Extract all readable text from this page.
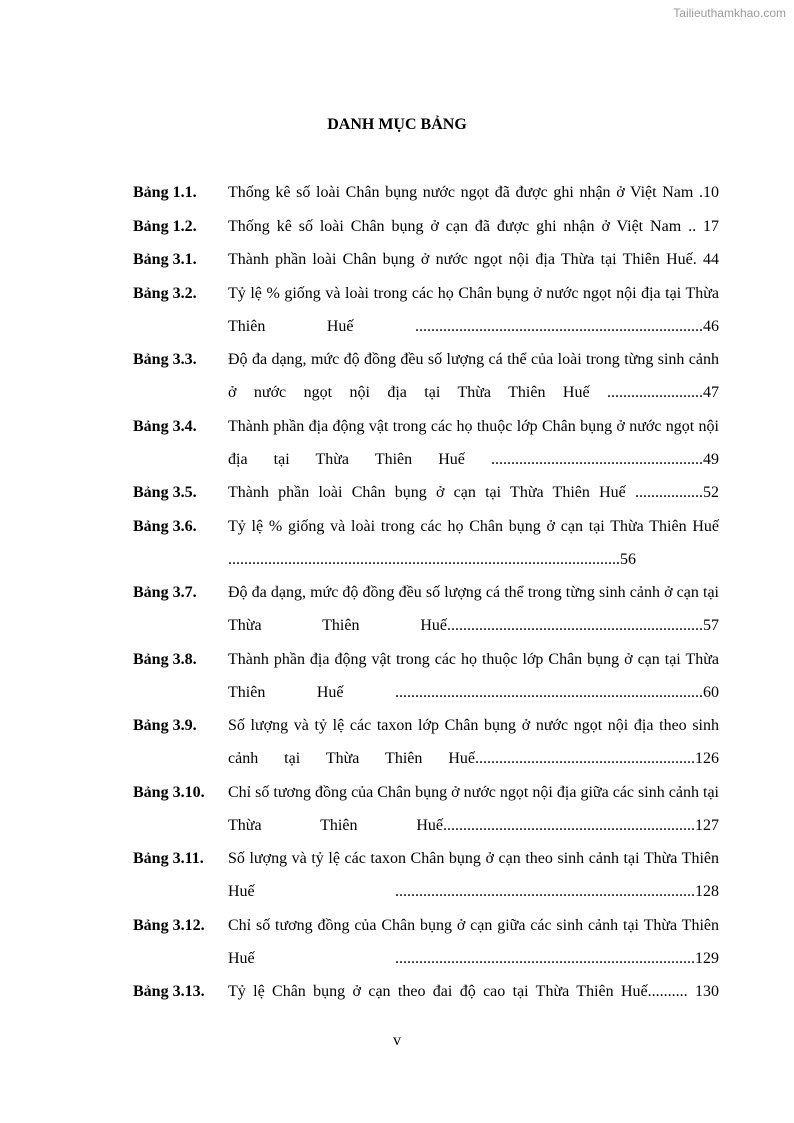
Tailieuthamkhao.com
DANH MỤC BẢNG
Bảng 1.1.	Thống kê số loài Chân bụng nước ngọt đã được ghi nhận ở Việt Nam .10
Bảng 1.2.	Thống kê số loài Chân bụng ở cạn đã được ghi nhận ở Việt Nam .. 17
Bảng 3.1.	Thành phần loài Chân bụng ở nước ngọt nội địa Thừa tại Thiên Huế. 44
Bảng 3.2.	Tỷ lệ % giống và loài trong các họ Chân bụng ở nước ngọt nội địa tại Thừa Thiên Huế ........................................................................46
Bảng 3.3.	Độ đa dạng, mức độ đồng đều số lượng cá thể của loài trong từng sinh cảnh ở nước ngọt nội địa tại Thừa Thiên Huế ........................47
Bảng 3.4.	Thành phần địa động vật trong các họ thuộc lớp Chân bụng ở nước ngọt nội địa tại Thừa Thiên Huế .....................................................49
Bảng 3.5.	Thành phần loài Chân bụng ở cạn tại Thừa Thiên Huế .................52
Bảng 3.6.	Tỷ lệ % giống và loài trong các họ Chân bụng ở cạn tại Thừa Thiên Huế ..................................................................................................56
Bảng 3.7.	Độ đa dạng, mức độ đồng đều số lượng cá thể trong từng sinh cảnh ở cạn tại Thừa Thiên Huế................................................................57
Bảng 3.8.	Thành phần địa động vật trong các họ thuộc lớp Chân bụng ở cạn tại Thừa Thiên Huế .............................................................................60
Bảng 3.9.	Số lượng và tỷ lệ các taxon lớp Chân bụng ở nước ngọt nội địa theo sinh cảnh tại Thừa Thiên Huế.......................................................126
Bảng 3.10.	Chỉ số tương đồng của Chân bụng ở nước ngọt nội địa giữa các sinh cảnh tại Thừa Thiên Huế...............................................................127
Bảng 3.11.	Số lượng và tỷ lệ các taxon Chân bụng ở cạn theo sinh cảnh tại Thừa Thiên Huế ...........................................................................128
Bảng 3.12.	Chỉ số tương đồng của Chân bụng ở cạn giữa các sinh cảnh tại Thừa Thiên Huế ...........................................................................129
Bảng 3.13.	Tỷ lệ Chân bụng ở cạn theo đai độ cao tại Thừa Thiên Huế.......... 130
v
